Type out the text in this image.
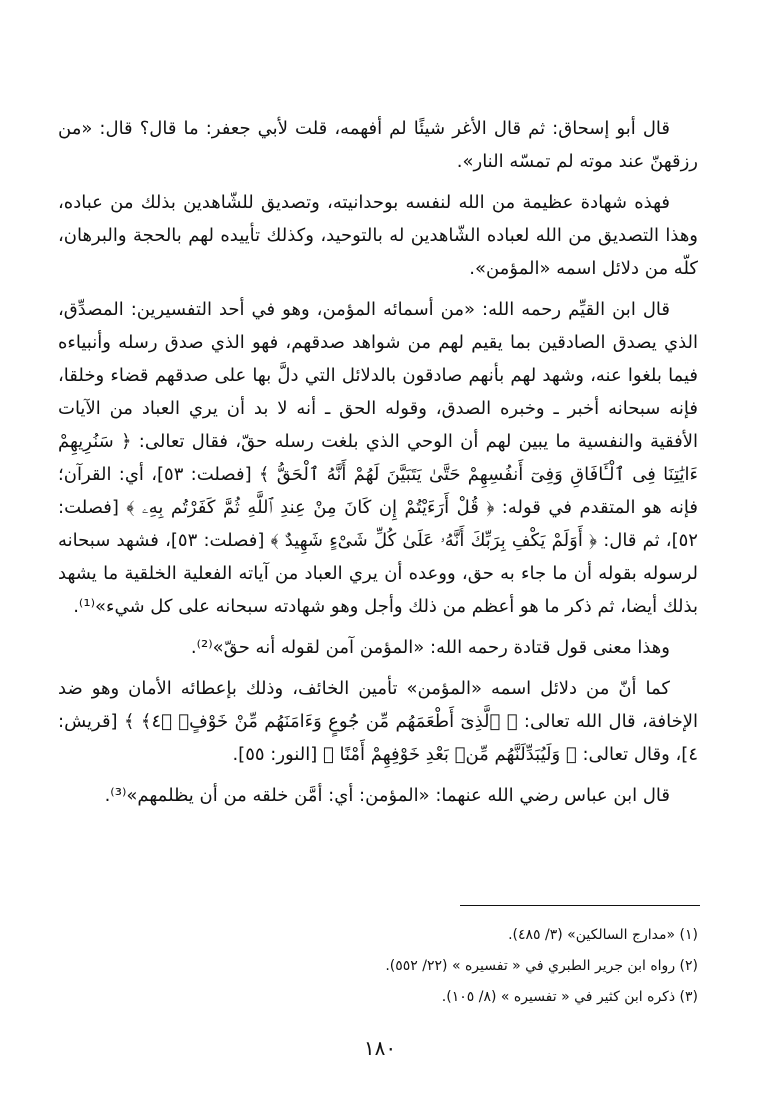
قال أبو إسحاق: ثم قال الأغر شيئًا لم أفهمه، قلت لأبي جعفر: ما قال؟ قال: «من رزقهنّ عند موته لم تمسّه النار».

فهذه شهادة عظيمة من الله لنفسه بوحدانيته، وتصديق للشّاهدين بذلك من عباده، وهذا التصديق من الله لعباده الشّاهدين له بالتوحيد، وكذلك تأييده لهم بالحجة والبرهان، كلّه من دلائل اسمه «المؤمن».

قال ابن القيِّم رحمه الله: «من أسمائه المؤمن، وهو في أحد التفسيرين: المصدِّق، الذي يصدق الصادقين بما يقيم لهم من شواهد صدقهم، فهو الذي صدق رسله وأنبياءه فيما بلغوا عنه، وشهد لهم بأنهم صادقون بالدلائل التي دلَّ بها على صدقهم قضاء وخلقا، فإنه سبحانه أخبر ـ وخبره الصدق، وقوله الحق ـ أنه لا بد أن يري العباد من الآيات الأفقية والنفسية ما يبين لهم أن الوحي الذي بلغت رسله حقّ، فقال تعالى: ﴿ سَنُرِيهِمْ ءَايَٰتِنَا فِى ٱلْـَٔافَاقِ وَفِىٓ أَنفُسِهِمْ حَتَّىٰ يَتَبَيَّنَ لَهُمْ أَنَّهُ ٱلْحَقُّ ﴾ [فصلت: ٥٣]، أي: القرآن؛ فإنه هو المتقدم في قوله: ﴿ قُلْ أَرَءَيْتُمْ إِن كَانَ مِنْ عِندِ ٱللَّهِ ثُمَّ كَفَرْتُم بِهِۦ ﴾ [فصلت: ٥٢]، ثم قال: ﴿ أَوَلَمْ يَكْفِ بِرَبِّكَ أَنَّهُۥ عَلَىٰ كُلِّ شَىْءٍ شَهِيدٌ ﴾ [فصلت: ٥٣]، فشهد سبحانه لرسوله بقوله أن ما جاء به حق، ووعده أن يري العباد من آياته الفعلية الخلقية ما يشهد بذلك أيضا، ثم ذكر ما هو أعظم من ذلك وأجل وهو شهادته سبحانه على كل شيء»⁽¹⁾.

وهذا معنى قول قتادة رحمه الله: «المؤمن آمن لقوله أنه حقّ»⁽²⁾.

كما أنّ من دلائل اسمه «المؤمن» تأمين الخائف، وذلك بإعطائه الأمان وهو ضد الإخافة، قال الله تعالى: ﴿ ٱلَّذِىٓ أَطْعَمَهُم مِّن جُوعٍ وَءَامَنَهُم مِّنْ خَوْفٍۭ ﴿٤﴾ ﴾ [قريش: ٤]، وقال تعالى: ﴿ وَلَيُبَدِّلَنَّهُم مِّنۢ بَعْدِ خَوْفِهِمْ أَمْنًا ﴾ [النور: ٥٥].

قال ابن عباس رضي الله عنهما: «المؤمن: أي: أمَّن خلقه من أن يظلمهم»⁽³⁾.

(١) «مدارج السالكين» (٣/ ٤٨٥).

(٢) رواه ابن جرير الطبري في « تفسيره » (٢٢/ ٥٥٢).

(٣) ذكره ابن كثير في « تفسيره » (٨/ ١٠٥).

١٨٠
